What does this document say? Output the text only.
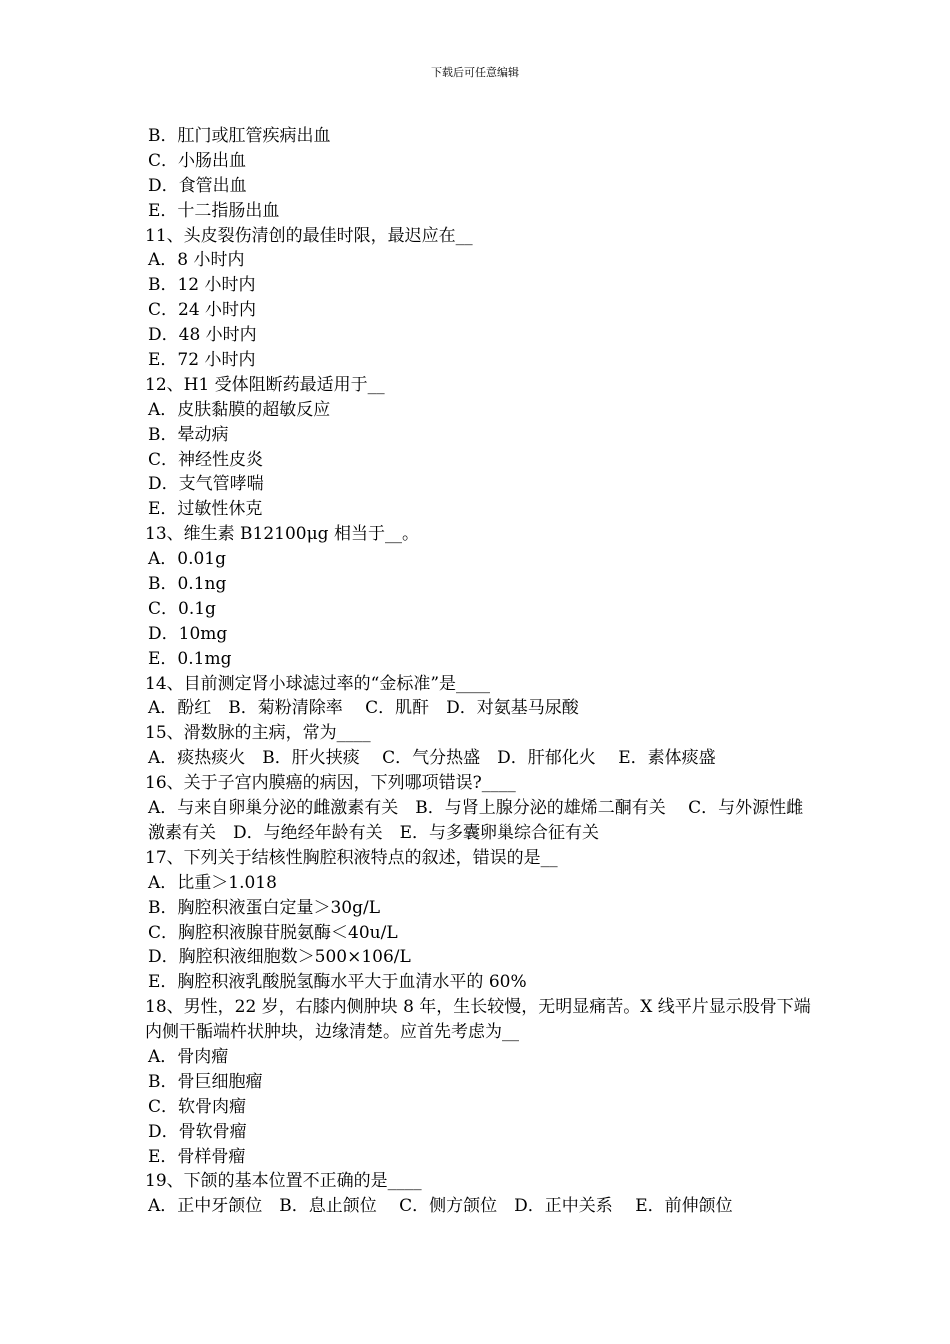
下载后可任意编辑
B．肛门或肛管疾病出血
C．小肠出血
D．食管出血
E．十二指肠出血
11、头皮裂伤清创的最佳时限，最迟应在__
A．8 小时内
B．12 小时内
C．24 小时内
D．48 小时内
E．72 小时内
12、H1 受体阻断药最适用于__
A．皮肤黏膜的超敏反应
B．晕动病
C．神经性皮炎
D．支气管哮喘
E．过敏性休克
13、维生素 B12100μg 相当于__。
A．0.01g
B．0.1ng
C．0.1g
D．10mg
E．0.1mg
14、目前测定肾小球滤过率的“金标准”是____
A．酚红　B．菊粉清除率　 C．肌酐　D．对氨基马尿酸
15、滑数脉的主病，常为____
A．痰热痰火　B．肝火挟痰　 C．气分热盛　D．肝郁化火　 E．素体痰盛
16、关于子宫内膜癌的病因，下列哪项错误?____
A．与来自卵巢分泌的雌激素有关　B．与肾上腺分泌的雄烯二酮有关　 C．与外源性雌激素有关　D．与绝经年龄有关　E．与多囊卵巢综合征有关
17、下列关于结核性胸腔积液特点的叙述，错误的是__
A．比重＞1.018
B．胸腔积液蛋白定量＞30g/L
C．胸腔积液腺苷脱氨酶＜40u/L
D．胸腔积液细胞数＞500×106/L
E．胸腔积液乳酸脱氢酶水平大于血清水平的 60%
18、男性，22 岁，右膝内侧肿块 8 年，生长较慢，无明显痛苦。X 线平片显示股骨下端内侧干骺端杵状肿块，边缘清楚。应首先考虑为__
A．骨肉瘤
B．骨巨细胞瘤
C．软骨肉瘤
D．骨软骨瘤
E．骨样骨瘤
19、下颌的基本位置不正确的是____
A．正中牙颌位　B．息止颌位　 C．侧方颌位　D．正中关系　 E．前伸颌位
